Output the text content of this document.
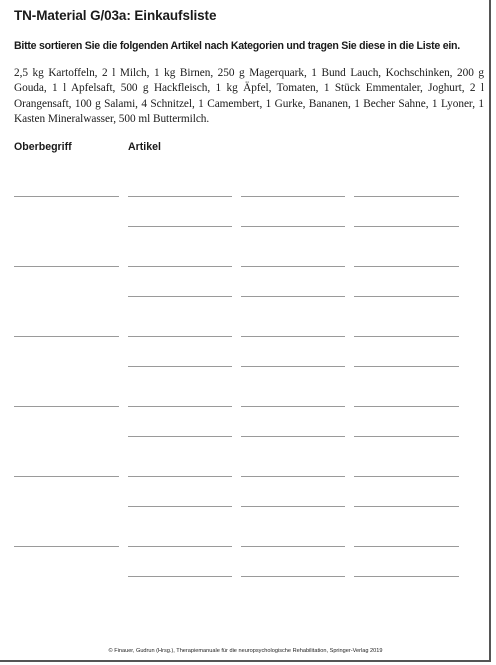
TN-Material G/03a: Einkaufsliste
Bitte sortieren Sie die folgenden Artikel nach Kategorien und tragen Sie diese in die Liste ein.
2,5 kg Kartoffeln, 2 l Milch, 1 kg Birnen, 250 g Magerquark, 1 Bund Lauch, Kochschinken, 200 g Gouda, 1 l Apfelsaft, 500 g Hackfleisch, 1 kg Äpfel, Tomaten, 1 Stück Emmentaler, Joghurt, 2 l Orangensaft, 100 g Salami, 4 Schnitzel, 1 Camembert, 1 Gurke, Bananen, 1 Becher Sahne, 1 Lyoner, 1 Kasten Mineralwasser, 500 ml Buttermilch.
Oberbegriff	Artikel
© Finauer, Gudrun (Hrsg.), Therapiemanuale für die neuropsychologische Rehabilitation, Springer-Verlag 2019
